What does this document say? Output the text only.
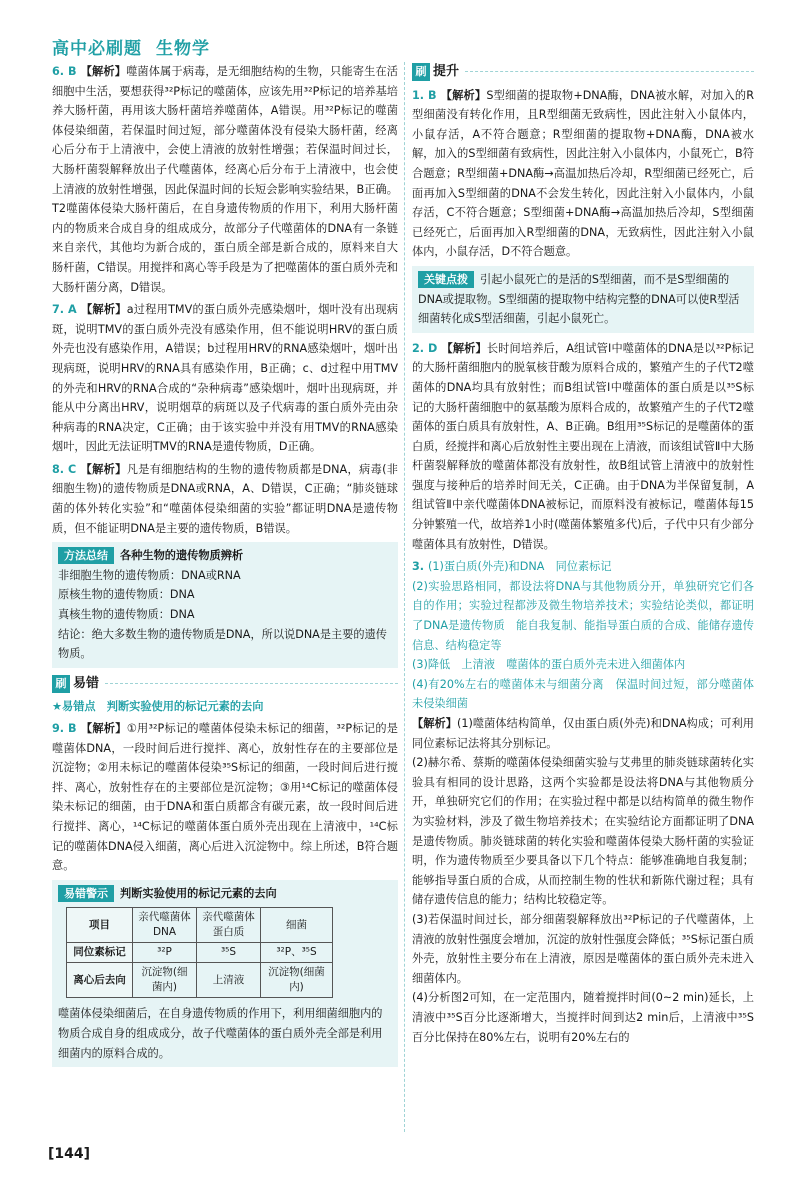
高中必刷题 生物学

6. B 【解析】噬菌体属于病毒，是无细胞结构的生物，只能寄生在活细胞中生活，要想获得³²P标记的噬菌体，应该先用³²P标记的培养基培养大肠杆菌，再用该大肠杆菌培养噬菌体，A错误。用³²P标记的噬菌体侵染细菌，若保温时间过短，部分噬菌体没有侵染大肠杆菌，经离心后分布于上清液中，会使上清液的放射性增强；若保温时间过长，大肠杆菌裂解释放出子代噬菌体，经离心后分布于上清液中，也会使上清液的放射性增强，因此保温时间的长短会影响实验结果，B正确。T2噬菌体侵染大肠杆菌后，在自身遗传物质的作用下，利用大肠杆菌内的物质来合成自身的组成成分，故部分子代噬菌体的DNA有一条链来自亲代，其他均为新合成的，蛋白质全部是新合成的，原料来自大肠杆菌，C错误。用搅拌和离心等手段是为了把噬菌体的蛋白质外壳和大肠杆菌分离，D错误。

7. A 【解析】a过程用TMV的蛋白质外壳感染烟叶，烟叶没有出现病斑，说明TMV的蛋白质外壳没有感染作用，但不能说明HRV的蛋白质外壳也没有感染作用，A错误；b过程用HRV的RNA感染烟叶，烟叶出现病斑，说明HRV的RNA具有感染作用，B正确；c、d过程中用TMV的外壳和HRV的RNA合成的“杂种病毒”感染烟叶，烟叶出现病斑，并能从中分离出HRV，说明烟草的病斑以及子代病毒的蛋白质外壳由杂种病毒的RNA决定，C正确；由于该实验中并没有用TMV的RNA感染烟叶，因此无法证明TMV的RNA是遗传物质，D正确。

8. C 【解析】凡是有细胞结构的生物的遗传物质都是DNA，病毒(非细胞生物)的遗传物质是DNA或RNA，A、D错误，C正确；“肺炎链球菌的体外转化实验”和“噬菌体侵染细菌的实验”都证明DNA是遗传物质，但不能证明DNA是主要的遗传物质，B错误。

方法总结 各种生物的遗传物质辨析
非细胞生物的遗传物质：DNA或RNA
原核生物的遗传物质：DNA
真核生物的遗传物质：DNA
结论：绝大多数生物的遗传物质是DNA，所以说DNA是主要的遗传物质。
刷 易错
★易错点　判断实验使用的标记元素的去向

9. B 【解析】①用³²P标记的噬菌体侵染未标记的细菌，³²P标记的是噬菌体DNA，一段时间后进行搅拌、离心，放射性存在的主要部位是沉淀物；②用未标记的噬菌体侵染³⁵S标记的细菌，一段时间后进行搅拌、离心，放射性存在的主要部位是沉淀物；③用¹⁴C标记的噬菌体侵染未标记的细菌，由于DNA和蛋白质都含有碳元素，故一段时间后进行搅拌、离心，¹⁴C标记的噬菌体蛋白质外壳出现在上清液中，¹⁴C标记的噬菌体DNA侵入细菌，离心后进入沉淀物中。综上所述，B符合题意。

易错警示 判断实验使用的标记元素的去向
项目	亲代噬菌体DNA	亲代噬菌体蛋白质	细菌
同位素标记	³²P	³⁵S	³²P、³⁵S
离心后去向	沉淀物(细菌内)	上清液	沉淀物(细菌内)
噬菌体侵染细菌后，在自身遗传物质的作用下，利用细菌细胞内的物质合成自身的组成成分，故子代噬菌体的蛋白质外壳全部是利用细菌内的原料合成的。
刷 提升

1. B 【解析】S型细菌的提取物+DNA酶，DNA被水解，对加入的R型细菌没有转化作用，且R型细菌无致病性，因此注射入小鼠体内，小鼠存活，A不符合题意；R型细菌的提取物+DNA酶，DNA被水解，加入的S型细菌有致病性，因此注射入小鼠体内，小鼠死亡，B符合题意；R型细菌+DNA酶→高温加热后冷却，R型细菌已经死亡，后面再加入S型细菌的DNA不会发生转化，因此注射入小鼠体内，小鼠存活，C不符合题意；S型细菌+DNA酶→高温加热后冷却，S型细菌已经死亡，后面再加入R型细菌的DNA，无致病性，因此注射入小鼠体内，小鼠存活，D不符合题意。

关键点拨 引起小鼠死亡的是活的S型细菌，而不是S型细菌的DNA或提取物。S型细菌的提取物中结构完整的DNA可以使R型活细菌转化成S型活细菌，引起小鼠死亡。

2. D 【解析】长时间培养后，A组试管Ⅰ中噬菌体的DNA是以³²P标记的大肠杆菌细胞内的脱氧核苷酸为原料合成的，繁殖产生的子代T2噬菌体的DNA均具有放射性；而B组试管Ⅰ中噬菌体的蛋白质是以³⁵S标记的大肠杆菌细胞中的氨基酸为原料合成的，故繁殖产生的子代T2噬菌体的蛋白质具有放射性，A、B正确。B组用³⁵S标记的是噬菌体的蛋白质，经搅拌和离心后放射性主要出现在上清液，而该组试管Ⅱ中大肠杆菌裂解释放的噬菌体都没有放射性，故B组试管上清液中的放射性强度与接种后的培养时间无关，C正确。由于DNA为半保留复制，A组试管Ⅱ中亲代噬菌体DNA被标记，而原料没有被标记，噬菌体每15分钟繁殖一代，故培养1小时(噬菌体繁殖多代)后，子代中只有少部分噬菌体具有放射性，D错误。

3. (1)蛋白质(外壳)和DNA　同位素标记
(2)实验思路相同，都设法将DNA与其他物质分开，单独研究它们各自的作用；实验过程都涉及微生物培养技术；实验结论类似，都证明了DNA是遗传物质　能自我复制、能指导蛋白质的合成、能储存遗传信息、结构稳定等
(3)降低　上清液　噬菌体的蛋白质外壳未进入细菌体内
(4)有20%左右的噬菌体未与细菌分离　保温时间过短，部分噬菌体未侵染细菌
【解析】(1)噬菌体结构简单，仅由蛋白质(外壳)和DNA构成；可利用同位素标记法将其分别标记。
(2)赫尔希、蔡斯的噬菌体侵染细菌实验与艾弗里的肺炎链球菌转化实验具有相同的设计思路，这两个实验都是设法将DNA与其他物质分开，单独研究它们的作用；在实验过程中都是以结构简单的微生物作为实验材料，涉及了微生物培养技术；在实验结论方面都证明了DNA是遗传物质。肺炎链球菌的转化实验和噬菌体侵染大肠杆菌的实验证明，作为遗传物质至少要具备以下几个特点：能够准确地自我复制；能够指导蛋白质的合成，从而控制生物的性状和新陈代谢过程；具有储存遗传信息的能力；结构比较稳定等。
(3)若保温时间过长，部分细菌裂解释放出³²P标记的子代噬菌体，上清液的放射性强度会增加，沉淀的放射性强度会降低；³⁵S标记蛋白质外壳，放射性主要分布在上清液，原因是噬菌体的蛋白质外壳未进入细菌体内。
(4)分析图2可知，在一定范围内，随着搅拌时间(0~2 min)延长，上清液中³⁵S百分比逐渐增大，当搅拌时间到达2 min后，上清液中³⁵S百分比保持在80%左右，说明有20%左右的
[144]
